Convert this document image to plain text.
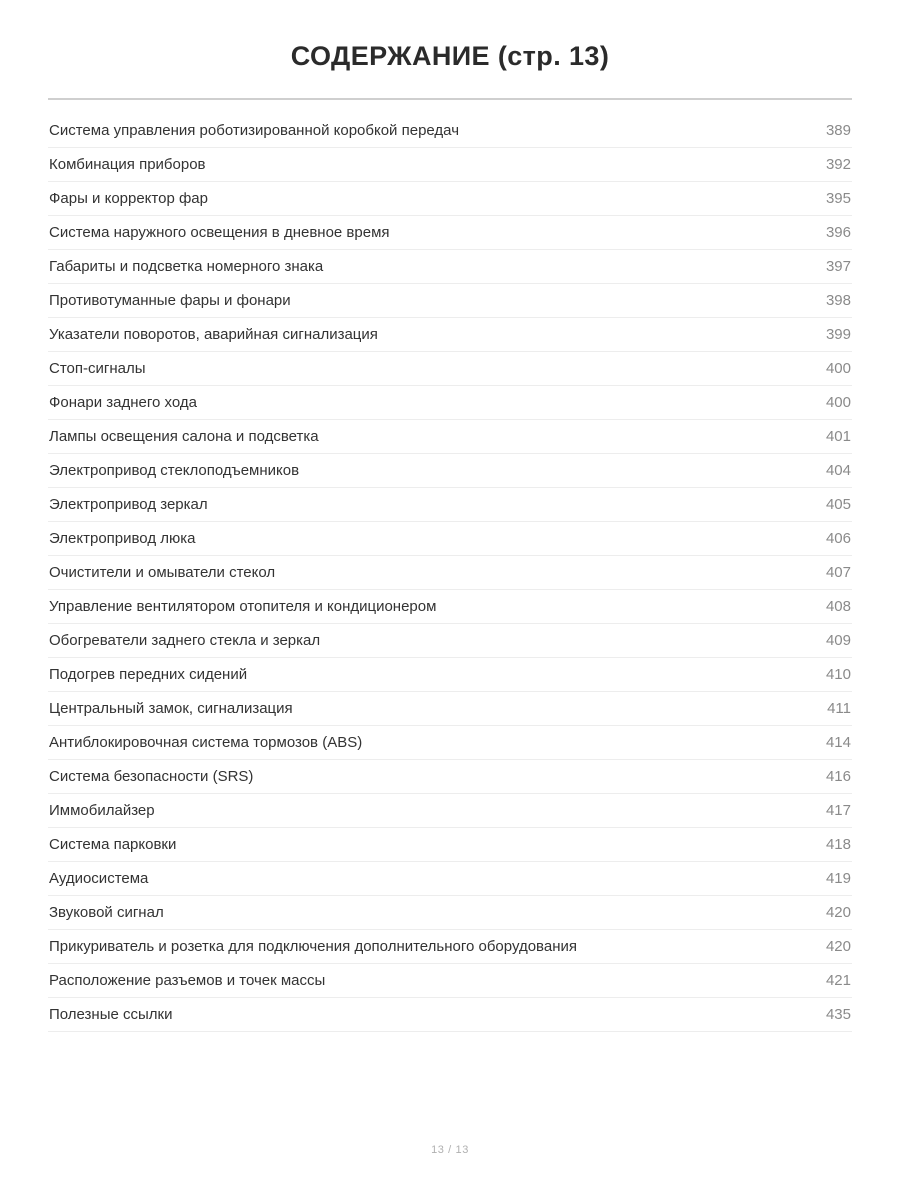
СОДЕРЖАНИЕ (стр. 13)
Система управления роботизированной коробкой передач	389
Комбинация приборов	392
Фары и корректор фар	395
Система наружного освещения в дневное время	396
Габариты и подсветка номерного знака	397
Противотуманные фары и фонари	398
Указатели поворотов, аварийная сигнализация	399
Стоп-сигналы	400
Фонари заднего хода	400
Лампы освещения салона и подсветка	401
Электропривод стеклоподъемников	404
Электропривод зеркал	405
Электропривод люка	406
Очистители и омыватели стекол	407
Управление вентилятором отопителя и кондиционером	408
Обогреватели заднего стекла и зеркал	409
Подогрев передних сидений	410
Центральный замок, сигнализация	411
Антиблокировочная система тормозов (ABS)	414
Система безопасности (SRS)	416
Иммобилайзер	417
Система парковки	418
Аудиосистема	419
Звуковой сигнал	420
Прикуриватель и розетка для подключения дополнительного оборудования	420
Расположение разъемов и точек массы	421
Полезные ссылки	435
13 / 13
